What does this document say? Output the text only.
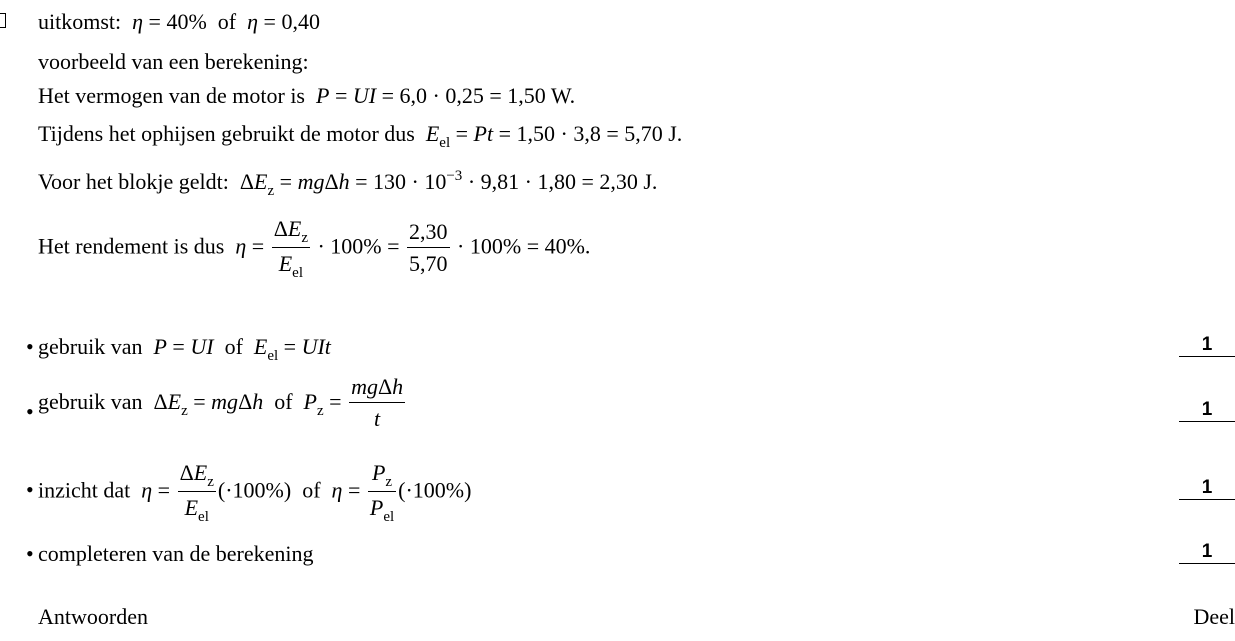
uitkomst: η = 40% of η = 0,40
voorbeeld van een berekening:
Het vermogen van de motor is P = UI = 6,0 · 0,25 = 1,50 W.
Tijdens het ophijsen gebruikt de motor dus $E_{el} = Pt = 1,50 \cdot 3,8 = 5,70$ J.
Voor het blokje geldt:  $\Delta E_z = mg\Delta h = 130 \cdot 10^{-3} \cdot 9,81 \cdot 1,80 = 2,30$ J.
Het rendement is dus $\eta = \frac{\Delta E_z}{E_{el}} \cdot 100\% = \frac{2,30}{5,70} \cdot 100\% = 40\%$.
• gebruik van P = UI of $E_{el}$ = UIt	1
• gebruik van  $\Delta E_z = mg\Delta h$ of $P_z = \frac{\text{mgΔh}}{t}$	1
• inzicht dat $\eta = \frac{\Delta E_z}{E_{el}} (\cdot 100\%)$ of $\eta = \frac{P_z}{P_{el}} (\cdot 100\%)$	1
• completeren van de berekening	1
Antwoorden	Deel
